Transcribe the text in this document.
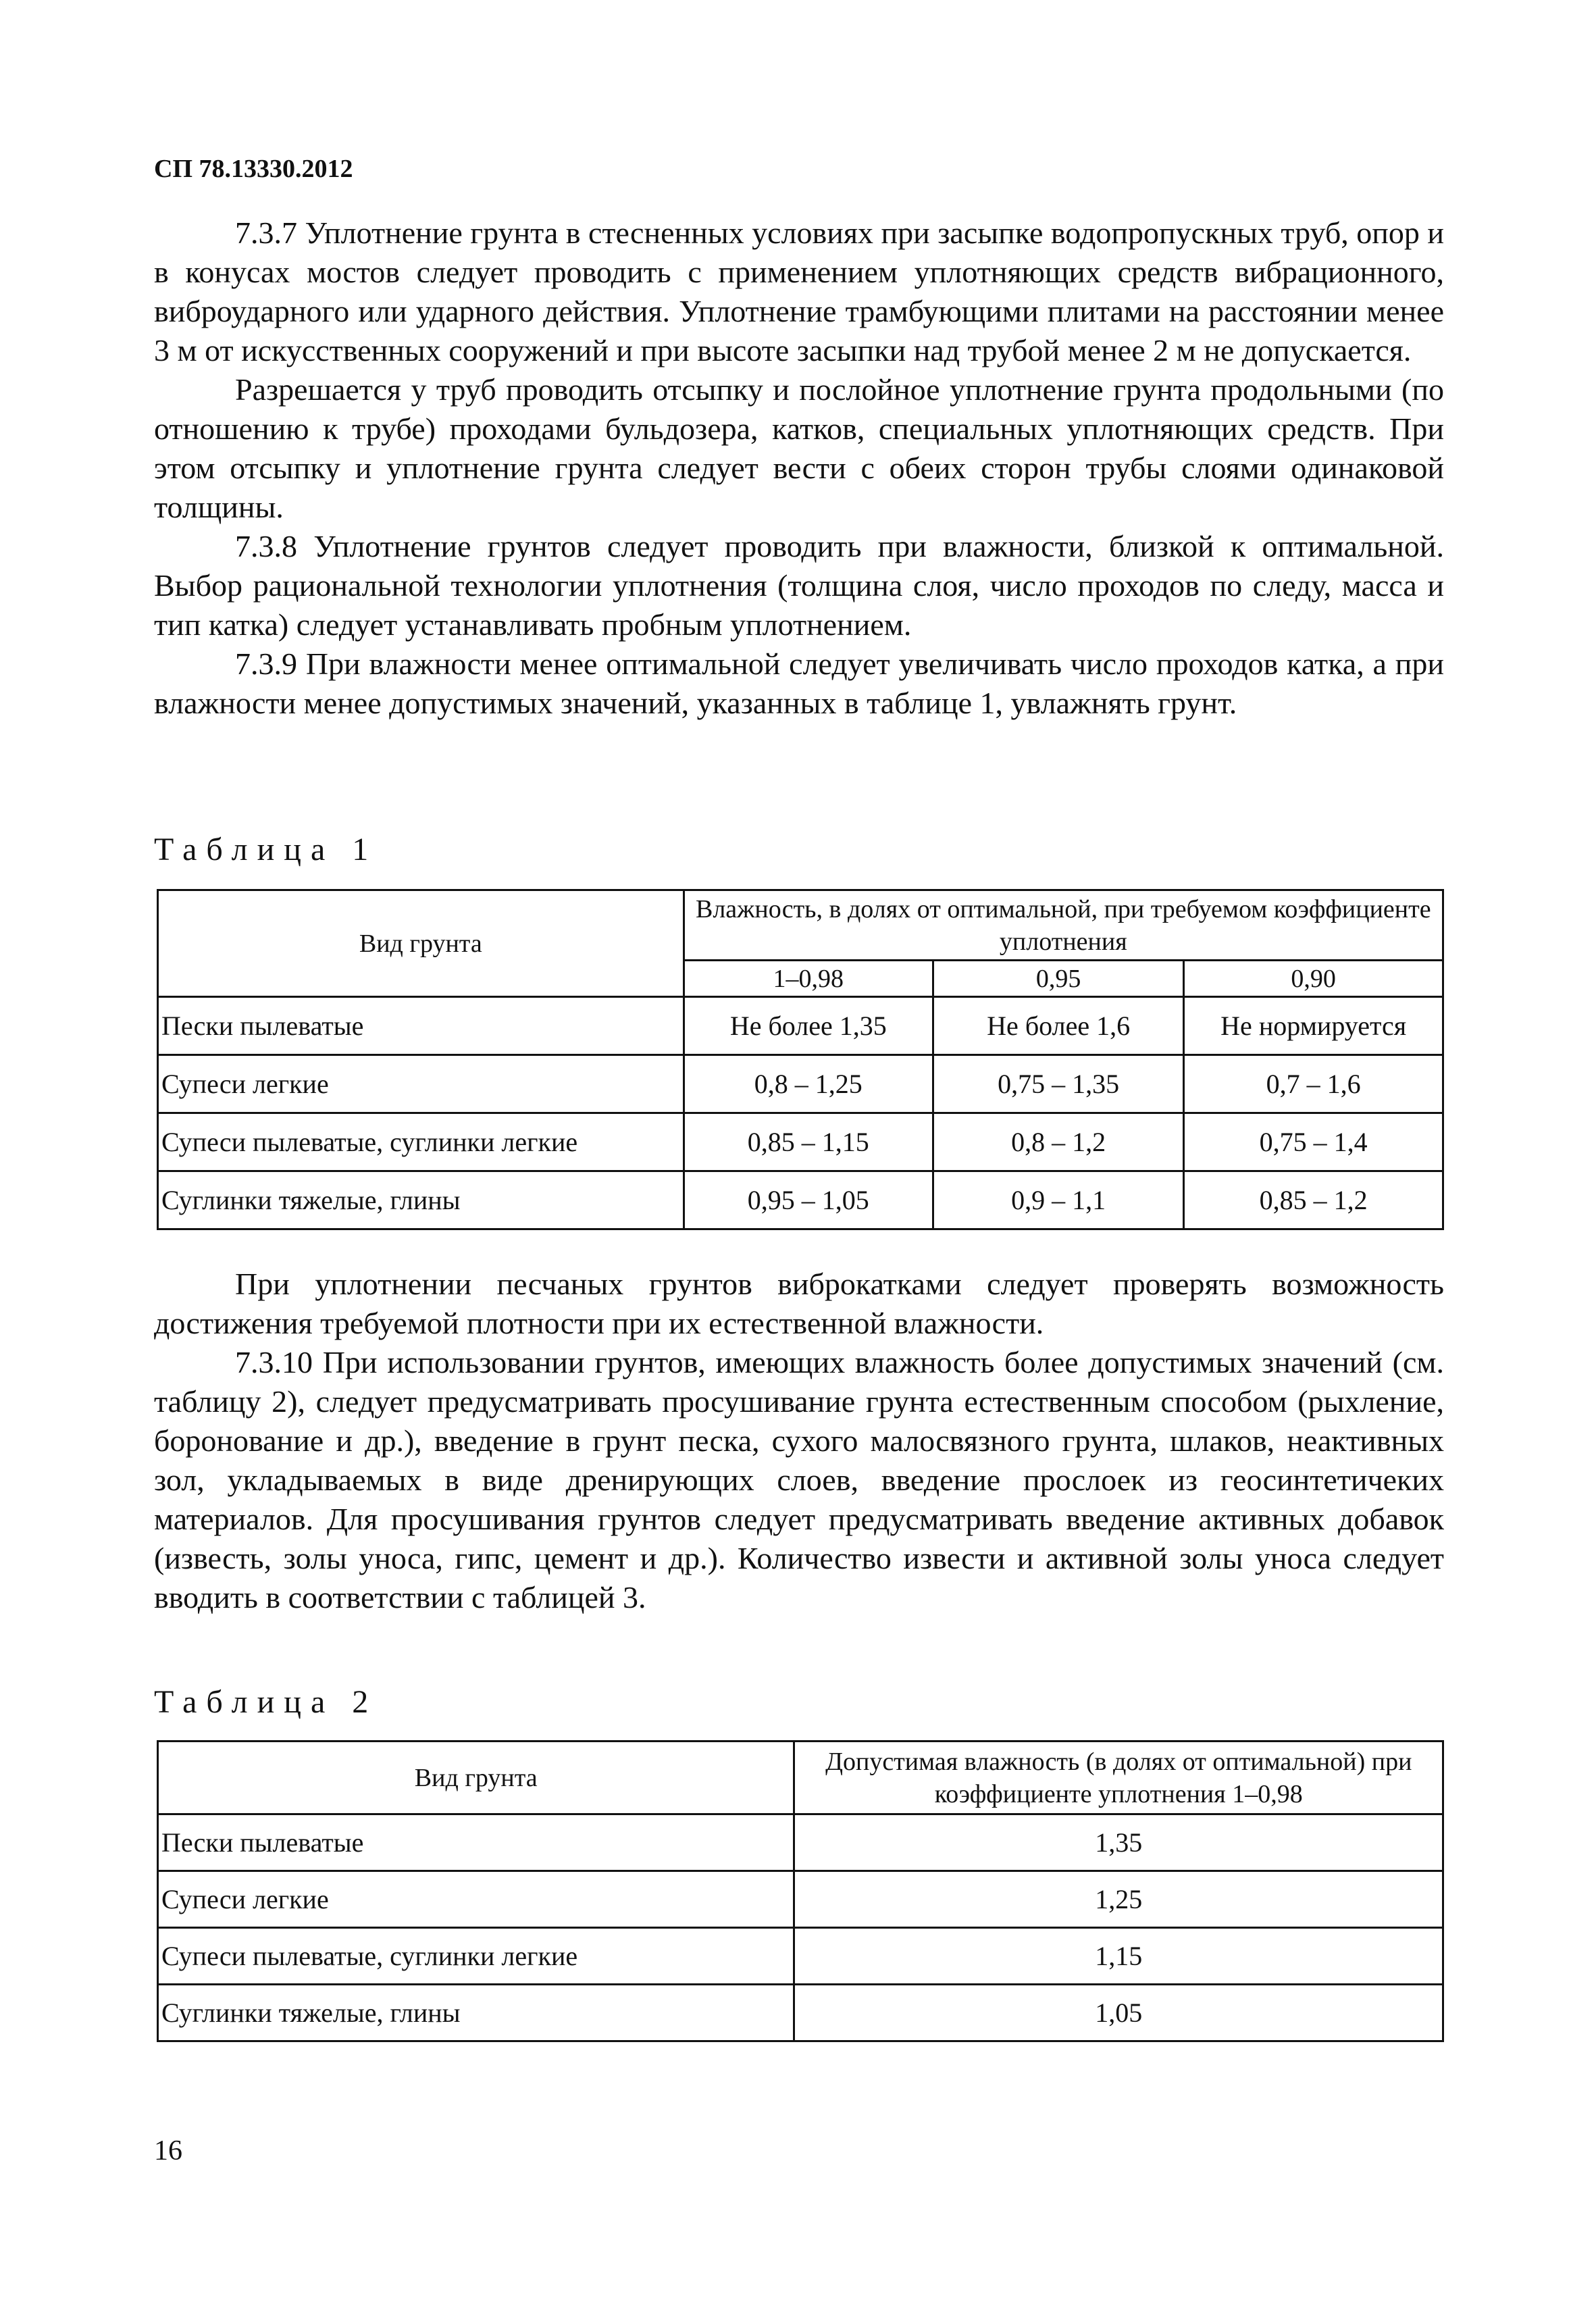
СП 78.13330.2012

7.3.7 Уплотнение грунта в стесненных условиях при засыпке водопропускных труб, опор и в конусах мостов следует проводить с применением уплотняющих средств вибрационного, виброударного или ударного действия. Уплотнение трамбующими плитами на расстоянии менее 3 м от искусственных сооружений и при высоте засыпки над трубой менее 2 м не допускается.

Разрешается у труб проводить отсыпку и послойное уплотнение грунта продольными (по отношению к трубе) проходами бульдозера, катков, специальных уплотняющих средств. При этом отсыпку и уплотнение грунта следует вести с обеих сторон трубы слоями одинаковой толщины.

7.3.8 Уплотнение грунтов следует проводить при влажности, близкой к оптимальной. Выбор рациональной технологии уплотнения (толщина слоя, число проходов по следу, масса и тип катка) следует устанавливать пробным уплотнением.

7.3.9 При влажности менее оптимальной следует увеличивать число проходов катка, а при влажности менее допустимых значений, указанных в таблице 1, увлажнять грунт.

Таблица 1
Вид грунта	Влажность, в долях от оптимальной, при требуемом коэффициенте уплотнения		
	1–0,98	0,95	0,90
Пески пылеватые	Не более 1,35	Не более 1,6	Не нормируется
Супеси легкие	0,8 – 1,25	0,75 – 1,35	0,7 – 1,6
Супеси пылеватые, суглинки легкие	0,85 – 1,15	0,8 – 1,2	0,75 – 1,4
Суглинки тяжелые, глины	0,95 – 1,05	0,9 – 1,1	0,85 – 1,2

При уплотнении песчаных грунтов виброкатками следует проверять возможность достижения требуемой плотности при их естественной влажности.

7.3.10 При использовании грунтов, имеющих влажность более допустимых значений (см. таблицу 2), следует предусматривать просушивание грунта естественным способом (рыхление, боронование и др.), введение в грунт песка, сухого малосвязного грунта, шлаков, неактивных зол, укладываемых в виде дренирующих слоев, введение прослоек из геосинтетичеких материалов. Для просушивания грунтов следует предусматривать введение активных добавок (известь, золы уноса, гипс, цемент и др.). Количество извести и активной золы уноса следует вводить в соответствии с таблицей 3.

Таблица 2
Вид грунта	Допустимая влажность (в долях от оптимальной) при коэффициенте уплотнения 1–0,98
Пески пылеватые	1,35
Супеси легкие	1,25
Супеси пылеватые, суглинки легкие	1,15
Суглинки тяжелые, глины	1,05
16
